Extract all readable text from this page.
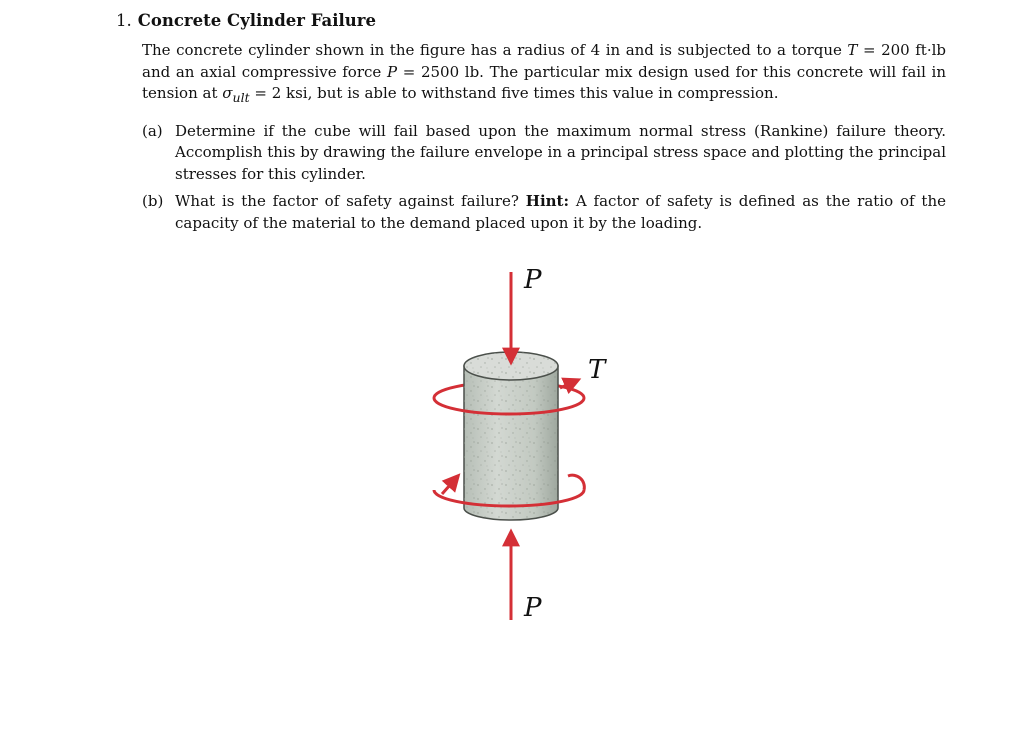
1. Concrete Cylinder Failure

The concrete cylinder shown in the figure has a radius of 4 in and is subjected to a torque T = 200 ft·lb and an axial compressive force P = 2500 lb. The particular mix design used for this concrete will fail in tension at $\sigma_{ult} = 2$ ksi, but is able to withstand five times this value in compression.

(a) Determine if the cube will fail based upon the maximum normal stress (Rankine) failure theory. Accomplish this by drawing the failure envelope in a principal stress space and plotting the principal stresses for this cylinder.
(b) What is the factor of safety against failure? Hint: A factor of safety is defined as the ratio of the capacity of the material to the demand placed upon it by the loading.
P
T
P
